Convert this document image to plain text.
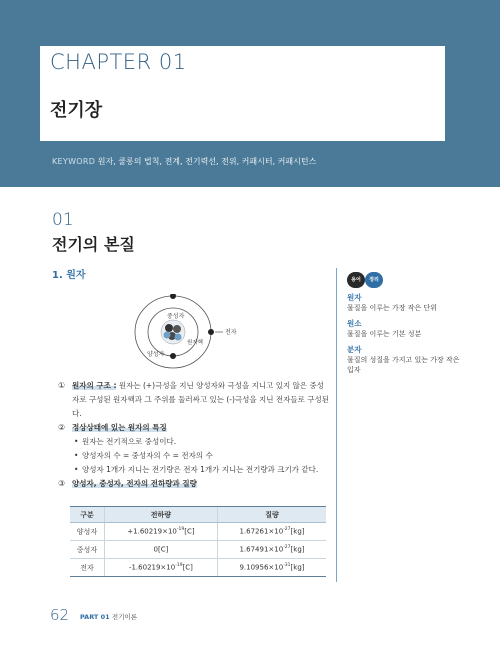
CHAPTER 01
전기장
KEYWORD 원자, 쿨롱의 법칙, 전계, 전기력선, 전위, 커패시터, 커패시턴스
01
전기의 본질
1. 원자
중성자
전자
원자핵
양성자
① 원자의 구조 : 원자는 (+)극성을 지닌 양성자와 극성을 지니고 있지 않은 중성자로 구성된 원자핵과 그 주위를 둘러싸고 있는 (-)극성을 지닌 전자들로 구성된다.
② 정상상태에 있는 원자의 특징
• 원자는 전기적으로 중성이다.
• 양성자의 수 = 중성자의 수 = 전자의 수
• 양성자 1개가 지니는 전기량은 전자 1개가 지니는 전기량과 크기가 같다.
③ 양성자, 중성자, 전자의 전하량과 질량
구분	전하량	질량
양성자	$+1.60219\times 10^{-19}[C]$	$1.67261\times 10^{-27}[kg]$
중성자	0[C]	$1.67491\times 10^{-27}[kg]$
전자	$-1.60219\times 10^{-19}[C]$	$9.10956\times 10^{-31}[kg]$
용어	정리
원자
물질을 이루는 가장 작은 단위
원소
물질을 이루는 기본 성분
분자
물질의 성질을 가지고 있는 가장 작은 입자
62 PART 01 전기이론
